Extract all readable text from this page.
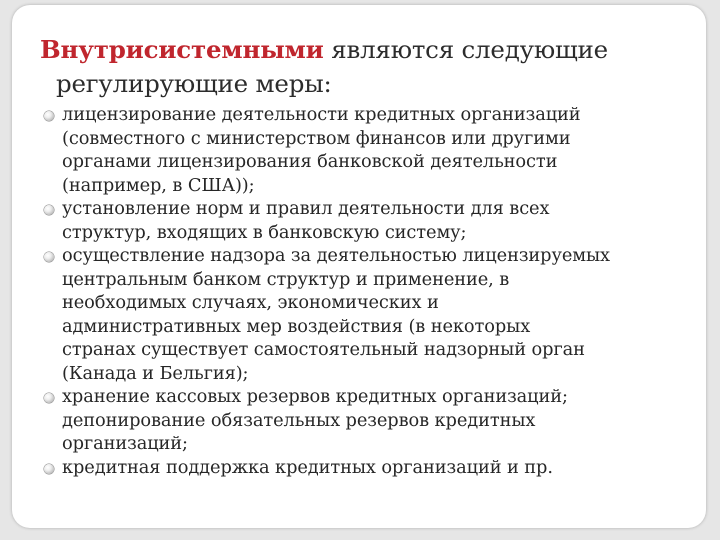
Внутрисистемными являются следующие
регулирующие меры:
лицензирование деятельности кредитных организаций
(совместного с министерством финансов или другими
органами лицензирования банковской деятельности
(например, в США));
установление норм и правил деятельности для всех
структур, входящих в банковскую систему;
осуществление надзора за деятельностью лицензируемых
центральным банком структур и применение, в
необходимых случаях, экономических и
административных мер воздействия (в некоторых
странах существует самостоятельный надзорный орган
(Канада и Бельгия);
хранение кассовых резервов кредитных организаций;
депонирование обязательных резервов кредитных
организаций;
кредитная поддержка кредитных организаций и пр.
